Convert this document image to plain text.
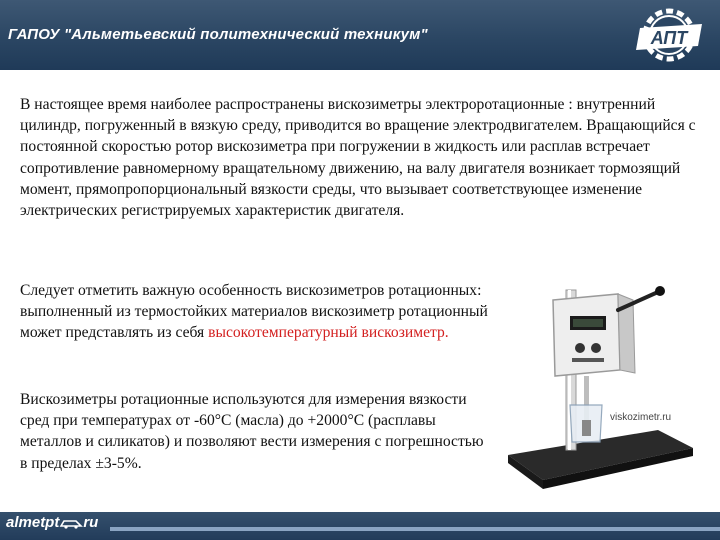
ГАПОУ "Альметьевский политехнический техникум"	АПТ

В настоящее время наиболее распространены вискозиметры электроротационные : внутренний цилиндр, погруженный в вязкую среду, приводится во вращение электродвигателем. Вращающийся с постоянной скоростью ротор вискозиметра при погружении в жидкость или расплав встречает сопротивление равномерному вращательному движению, на валу двигателя возникает тормозящий момент, прямопропорциональный вязкости среды, что вызывает соответствующее изменение электрических регистрируемых характеристик двигателя.

Следует отметить важную особенность вискозиметров ротационных: выполненный из термостойких материалов вискозиметр ротационный может представлять из себя высокотемпературный вискозиметр.

Вискозиметры ротационные используются для измерения вязкости сред при температурах от -60°С (масла) до +2000°С (расплавы металлов и силикатов) и позволяют вести измерения с погрешностью в пределах ±3-5%.

viskozimetr.ru
almetpt ru
